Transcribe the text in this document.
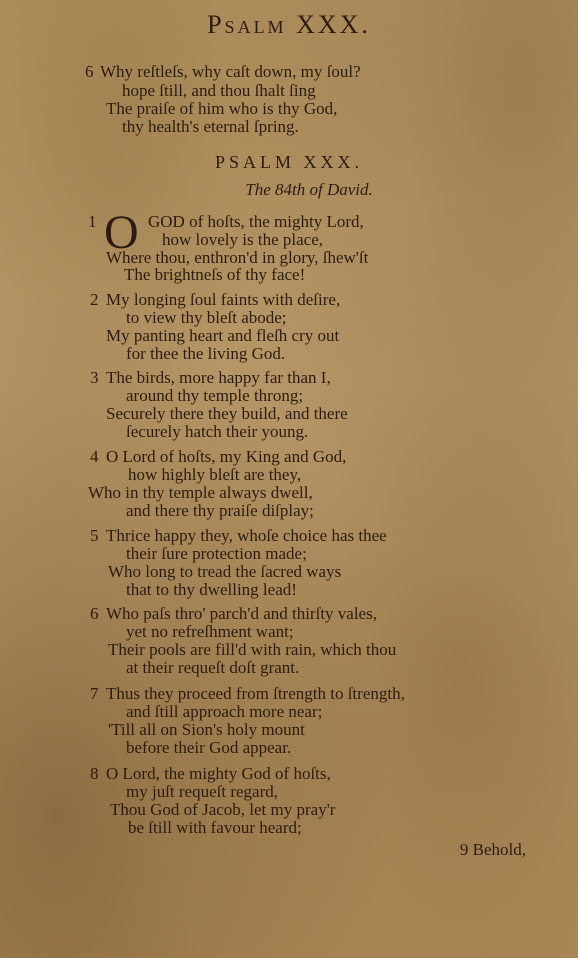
Psalm XXX.
6 Why reſtleſs, why caſt down, my ſoul?
hope ſtill, and thou ſhalt ſing
The praiſe of him who is thy God,
thy health's eternal ſpring.
PSALM XXX.
The 84th of David.
1 O GOD of hoſts, the mighty Lord,
how lovely is the place,
Where thou, enthron'd in glory, ſhew'ſt
The brightneſs of thy face!
2 My longing ſoul faints with deſire,
to view thy bleſt abode;
My panting heart and fleſh cry out
for thee the living God.
3 The birds, more happy far than I,
around thy temple throng;
Securely there they build, and there
ſecurely hatch their young.
4 O Lord of hoſts, my King and God,
how highly bleſt are they,
Who in thy temple always dwell,
and there thy praiſe diſplay;
5 Thrice happy they, whoſe choice has thee
their ſure protection made;
Who long to tread the ſacred ways
that to thy dwelling lead!
6 Who paſs thro' parch'd and thirſty vales,
yet no refreſhment want;
Their pools are fill'd with rain, which thou
at their requeſt doſt grant.
7 Thus they proceed from ſtrength to ſtrength,
and ſtill approach more near;
'Till all on Sion's holy mount
before their God appear.
8 O Lord, the mighty God of hoſts,
my juſt requeſt regard,
Thou God of Jacob, let my pray'r
be ſtill with favour heard;
9 Behold,
